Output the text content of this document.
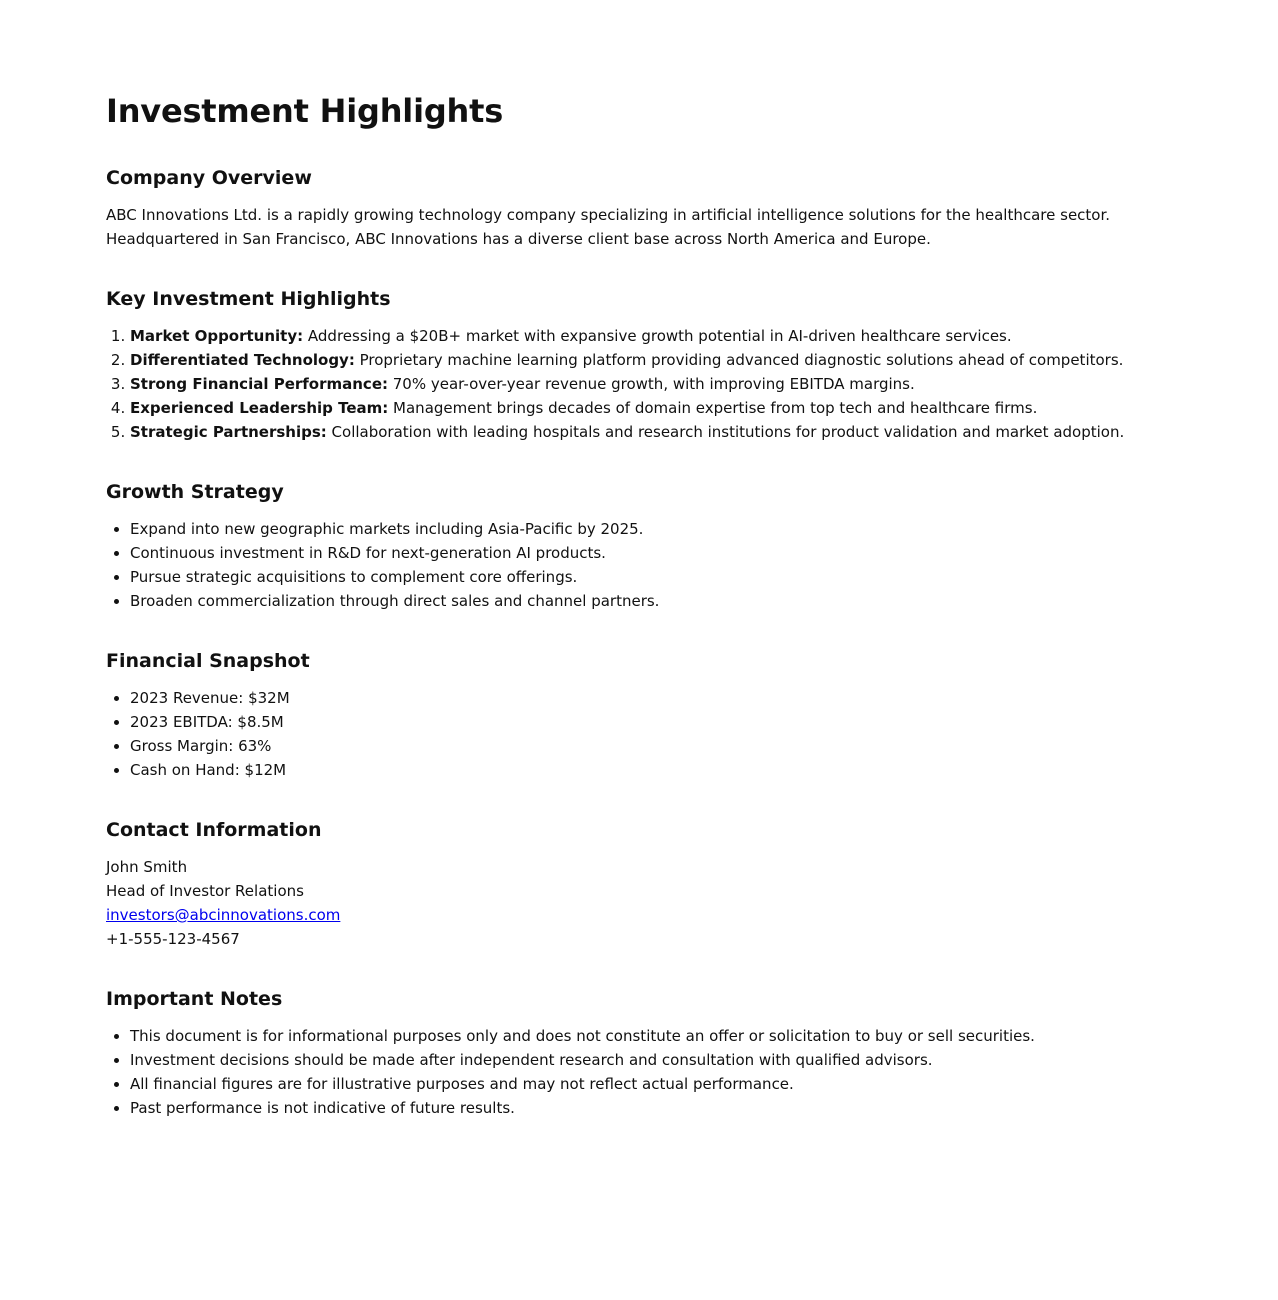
Investment Highlights
Company Overview

ABC Innovations Ltd. is a rapidly growing technology company specializing in artificial intelligence solutions for the healthcare sector. Headquartered in San Francisco, ABC Innovations has a diverse client base across North America and Europe.

Key Investment Highlights
1. Market Opportunity: Addressing a $20B+ market with expansive growth potential in AI-driven healthcare services.
2. Differentiated Technology: Proprietary machine learning platform providing advanced diagnostic solutions ahead of competitors.
3. Strong Financial Performance: 70% year-over-year revenue growth, with improving EBITDA margins.
4. Experienced Leadership Team: Management brings decades of domain expertise from top tech and healthcare firms.
5. Strategic Partnerships: Collaboration with leading hospitals and research institutions for product validation and market adoption.
Growth Strategy
• Expand into new geographic markets including Asia-Pacific by 2025.
• Continuous investment in R&D for next-generation AI products.
• Pursue strategic acquisitions to complement core offerings.
• Broaden commercialization through direct sales and channel partners.
Financial Snapshot
• 2023 Revenue: $32M
• 2023 EBITDA: $8.5M
• Gross Margin: 63%
• Cash on Hand: $12M
Contact Information
John Smith
Head of Investor Relations
investors@abcinnovations.com
+1-555-123-4567
Important Notes
• This document is for informational purposes only and does not constitute an offer or solicitation to buy or sell securities.
• Investment decisions should be made after independent research and consultation with qualified advisors.
• All financial figures are for illustrative purposes and may not reflect actual performance.
• Past performance is not indicative of future results.
